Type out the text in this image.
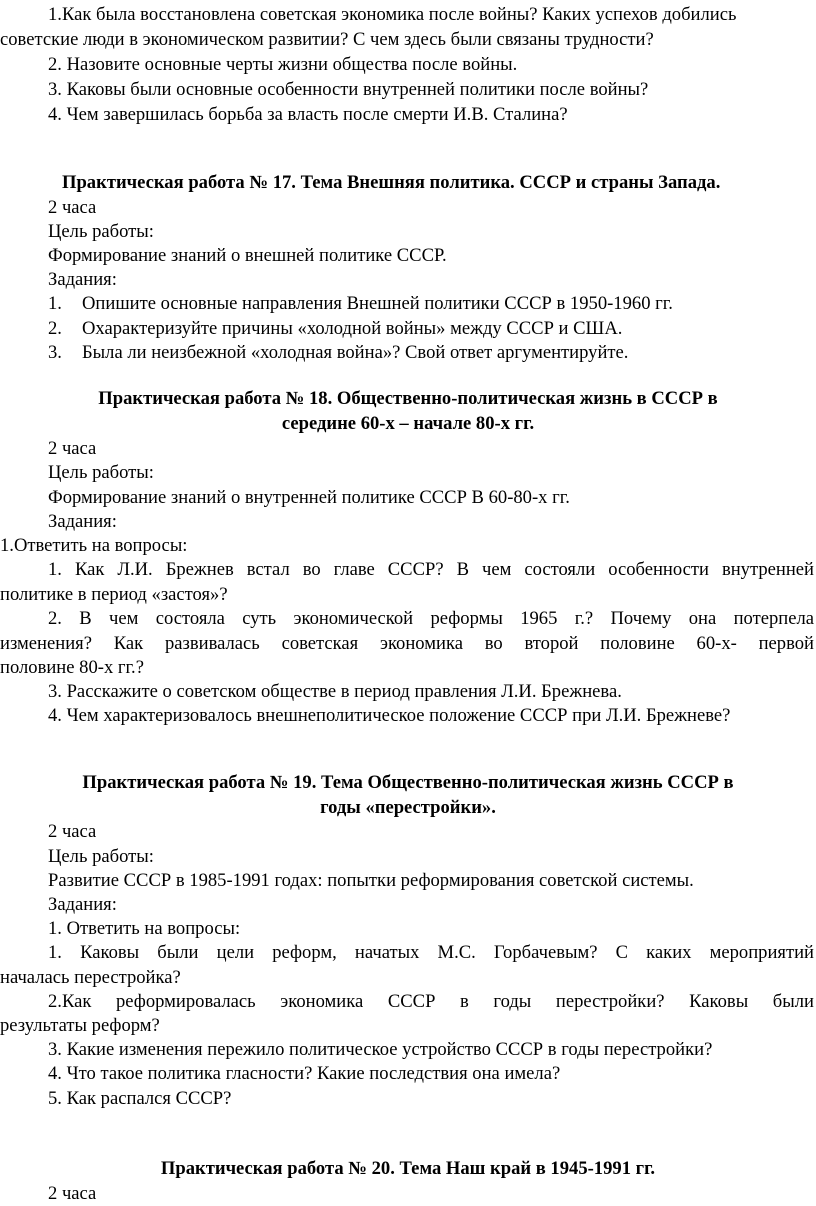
1.Как была восстановлена советская экономика после войны? Каких успехов добились
советские люди в экономическом развитии? С чем здесь были связаны трудности?
2. Назовите основные черты жизни общества после войны.
3. Каковы были основные особенности внутренней политики после войны?
4. Чем завершилась борьба за власть после смерти И.В. Сталина?
Практическая работа № 17. Тема Внешняя политика. СССР и страны Запада.
2 часа
Цель работы:
Формирование знаний о внешней политике СССР.
Задания:
1. Опишите основные направления Внешней политики СССР в 1950-1960 гг.
2. Охарактеризуйте причины «холодной войны» между СССР и США.
3. Была ли неизбежной «холодная война»? Свой ответ аргументируйте.
Практическая работа № 18. Общественно-политическая жизнь в СССР в
середине 60-х – начале 80-х гг.
2 часа
Цель работы:
Формирование знаний о внутренней политике СССР В 60-80-х гг.
Задания:
1.Ответить на вопросы:
1. Как Л.И. Брежнев встал во главе СССР? В чем состояли особенности внутренней
политике в период «застоя»?
2. В чем состояла суть экономической реформы 1965 г.? Почему она потерпела
изменения? Как развивалась советская экономика во второй половине 60-х- первой
половине 80-х гг.?
3. Расскажите о советском обществе в период правления Л.И. Брежнева.
4. Чем характеризовалось внешнеполитическое положение СССР при Л.И. Брежневе?
Практическая работа № 19. Тема Общественно-политическая жизнь СССР в
годы «перестройки».
2 часа
Цель работы:
Развитие СССР в 1985-1991 годах: попытки реформирования советской системы.
Задания:
1. Ответить на вопросы:
1. Каковы были цели реформ, начатых М.С. Горбачевым? С каких мероприятий
началась перестройка?
2.Как реформировалась экономика СССР в годы перестройки? Каковы были
результаты реформ?
3. Какие изменения пережило политическое устройство СССР в годы перестройки?
4. Что такое политика гласности? Какие последствия она имела?
5. Как распался СССР?
Практическая работа № 20. Тема Наш край в 1945-1991 гг.
2 часа
